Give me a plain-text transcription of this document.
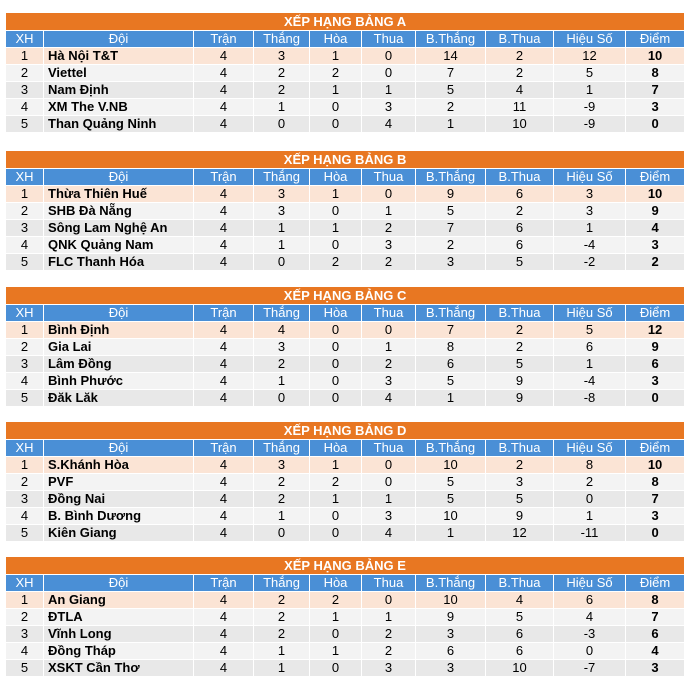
XẾP HẠNG BẢNG A									
XH	Đội	Trận	Thắng	Hòa	Thua	B.Thắng	B.Thua	Hiệu Số	Điểm
1	Hà Nội T&T	4	3	1	0	14	2	12	10
2	Viettel	4	2	2	0	7	2	5	8
3	Nam Định	4	2	1	1	5	4	1	7
4	XM The V.NB	4	1	0	3	2	11	-9	3
5	Than Quảng Ninh	4	0	0	4	1	10	-9	0
XẾP HẠNG BẢNG B									
XH	Đội	Trận	Thắng	Hòa	Thua	B.Thắng	B.Thua	Hiệu Số	Điểm
1	Thừa Thiên Huế	4	3	1	0	9	6	3	10
2	SHB Đà Nẵng	4	3	0	1	5	2	3	9
3	Sông Lam Nghệ An	4	1	1	2	7	6	1	4
4	QNK Quảng Nam	4	1	0	3	2	6	-4	3
5	FLC Thanh Hóa	4	0	2	2	3	5	-2	2
XẾP HẠNG BẢNG C									
XH	Đội	Trận	Thắng	Hòa	Thua	B.Thắng	B.Thua	Hiệu Số	Điểm
1	Bình Định	4	4	0	0	7	2	5	12
2	Gia Lai	4	3	0	1	8	2	6	9
3	Lâm Đồng	4	2	0	2	6	5	1	6
4	Bình Phước	4	1	0	3	5	9	-4	3
5	Đăk Lăk	4	0	0	4	1	9	-8	0
XẾP HẠNG BẢNG D									
XH	Đội	Trận	Thắng	Hòa	Thua	B.Thắng	B.Thua	Hiệu Số	Điểm
1	S.Khánh Hòa	4	3	1	0	10	2	8	10
2	PVF	4	2	2	0	5	3	2	8
3	Đồng Nai	4	2	1	1	5	5	0	7
4	B. Bình Dương	4	1	0	3	10	9	1	3
5	Kiên Giang	4	0	0	4	1	12	-11	0
XẾP HẠNG BẢNG E									
XH	Đội	Trận	Thắng	Hòa	Thua	B.Thắng	B.Thua	Hiệu Số	Điểm
1	An Giang	4	2	2	0	10	4	6	8
2	ĐTLA	4	2	1	1	9	5	4	7
3	Vĩnh Long	4	2	0	2	3	6	-3	6
4	Đồng Tháp	4	1	1	2	6	6	0	4
5	XSKT Cần Thơ	4	1	0	3	3	10	-7	3
